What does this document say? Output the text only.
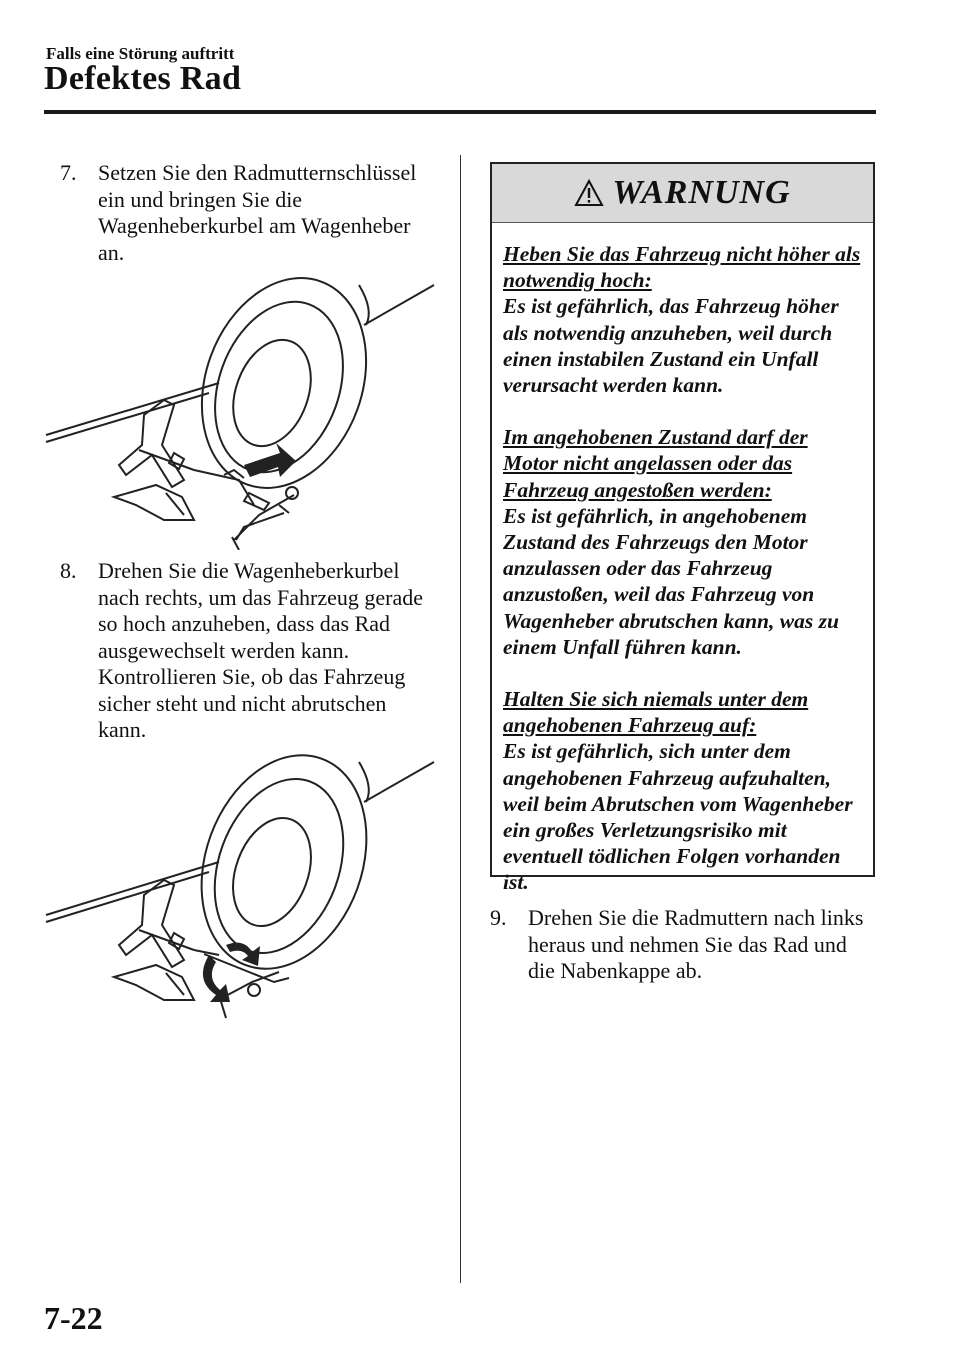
Falls eine Störung auftritt
Defektes Rad
7. Setzen Sie den Radmutternschlüssel ein und bringen Sie die Wagenheberkurbel am Wagenheber an.
8. Drehen Sie die Wagenheberkurbel nach rechts, um das Fahrzeug gerade so hoch anzuheben, dass das Rad ausgewechselt werden kann. Kontrollieren Sie, ob das Fahrzeug sicher steht und nicht abrutschen kann.
WARNUNG
Heben Sie das Fahrzeug nicht höher als notwendig hoch:
Es ist gefährlich, das Fahrzeug höher als notwendig anzuheben, weil durch einen instabilen Zustand ein Unfall verursacht werden kann.
Im angehobenen Zustand darf der Motor nicht angelassen oder das Fahrzeug angestoßen werden:
Es ist gefährlich, in angehobenem Zustand des Fahrzeugs den Motor anzulassen oder das Fahrzeug anzustoßen, weil das Fahrzeug von Wagenheber abrutschen kann, was zu einem Unfall führen kann.
Halten Sie sich niemals unter dem angehobenen Fahrzeug auf:
Es ist gefährlich, sich unter dem angehobenen Fahrzeug aufzuhalten, weil beim Abrutschen vom Wagenheber ein großes Verletzungsrisiko mit eventuell tödlichen Folgen vorhanden ist.
9. Drehen Sie die Radmuttern nach links heraus und nehmen Sie das Rad und die Nabenkappe ab.
7-22
